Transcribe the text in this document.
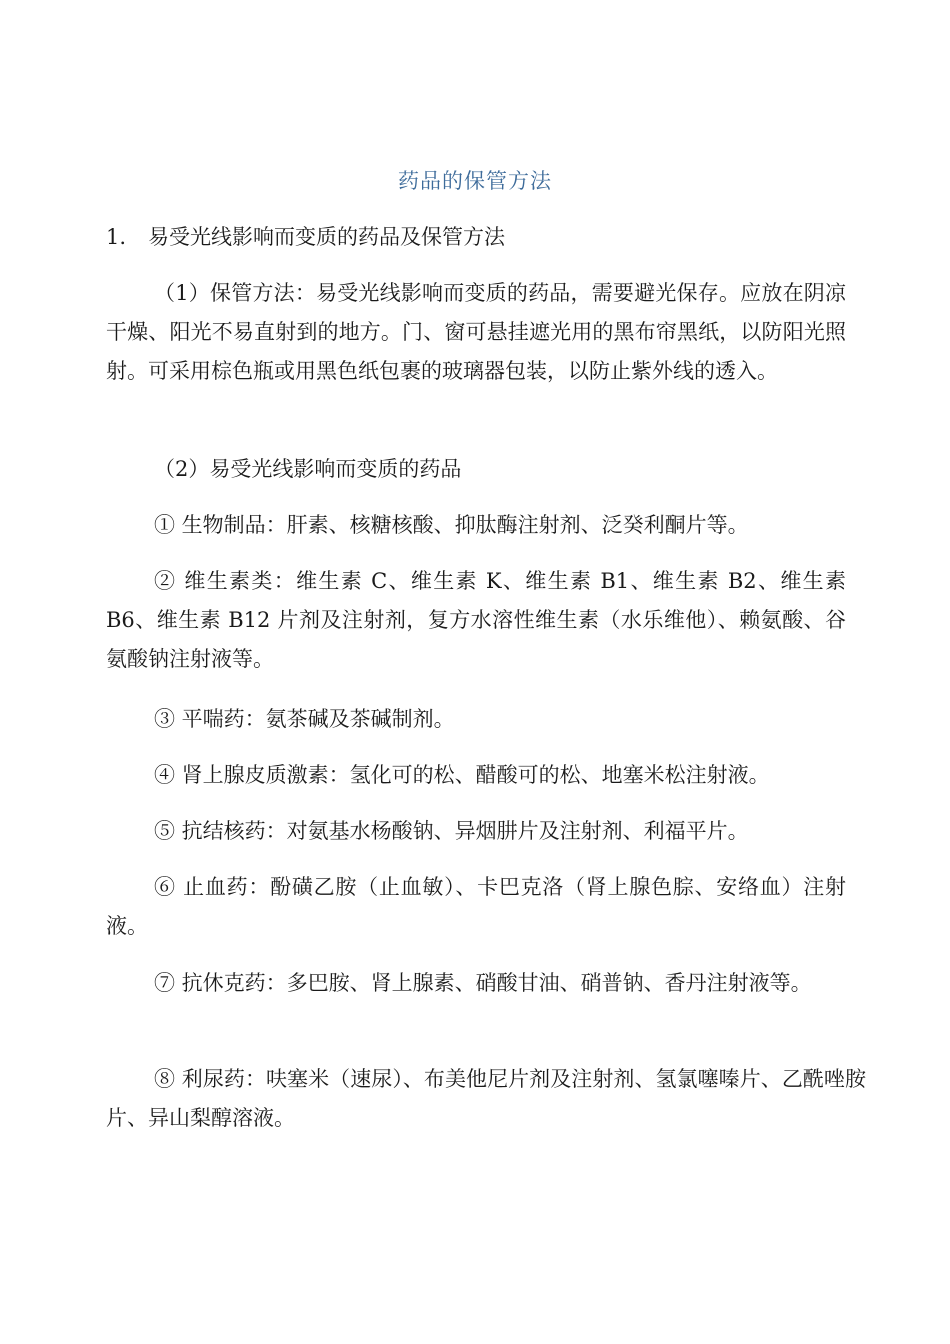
药品的保管方法
1. 易受光线影响而变质的药品及保管方法

（1）保管方法：易受光线影响而变质的药品，需要避光保存。应放在阴凉干燥、阳光不易直射到的地方。门、窗可悬挂遮光用的黑布帘黑纸，以防阳光照射。可采用棕色瓶或用黑色纸包裹的玻璃器包装，以防止紫外线的透入。

（2）易受光线影响而变质的药品

① 生物制品：肝素、核糖核酸、抑肽酶注射剂、泛癸利酮片等。

② 维生素类：维生素 C、维生素 K、维生素 B1、维生素 B2、维生素 B6、维生素 B12 片剂及注射剂，复方水溶性维生素（水乐维他）、赖氨酸、谷氨酸钠注射液等。

③ 平喘药：氨茶碱及茶碱制剂。

④ 肾上腺皮质激素：氢化可的松、醋酸可的松、地塞米松注射液。

⑤ 抗结核药：对氨基水杨酸钠、异烟肼片及注射剂、利福平片。

⑥ 止血药：酚磺乙胺（止血敏）、卡巴克洛（肾上腺色腙、安络血）注射液。

⑦ 抗休克药：多巴胺、肾上腺素、硝酸甘油、硝普钠、香丹注射液等。

⑧ 利尿药：呋塞米（速尿）、布美他尼片剂及注射剂、氢氯噻嗪片、乙酰唑胺片、异山梨醇溶液。
